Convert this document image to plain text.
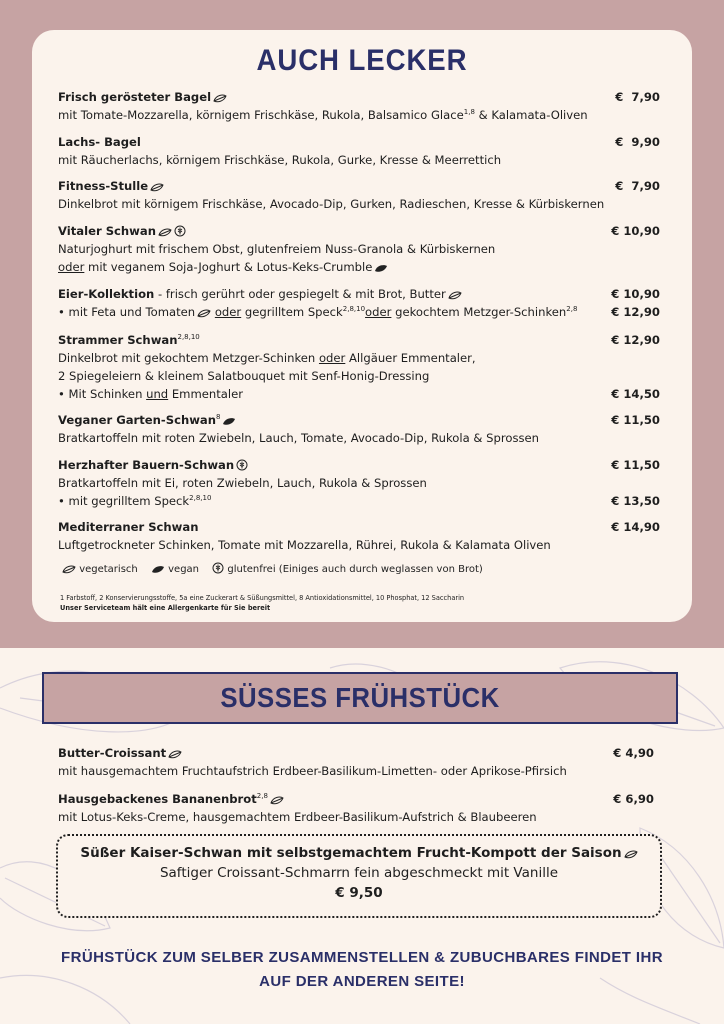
AUCH LECKER
Frisch gerösteter Bagel	€  7,90
mit Tomate-Mozzarella, körnigem Frischkäse, Rukola, Balsamico Glace$^{1,8}$ & Kalamata-Oliven
Lachs- Bagel	€  9,90
mit Räucherlachs, körnigem Frischkäse, Rukola, Gurke, Kresse & Meerrettich
Fitness-Stulle	€  7,90
Dinkelbrot mit körnigem Frischkäse, Avocado-Dip, Gurken, Radieschen, Kresse & Kürbiskernen
Vitaler Schwan	€ 10,90
Naturjoghurt mit frischem Obst, glutenfreiem Nuss-Granola & Kürbiskernen
oder mit veganem Soja-Joghurt & Lotus-Keks-Crumble
Eier-Kollektion - frisch gerührt oder gespiegelt & mit Brot, Butter	€ 10,90
• mit Feta und Tomaten oder gegrilltem Speck$^{2,8,10}$oder gekochtem Metzger-Schinken$^{2,8}$	€ 12,90
Strammer Schwan$^{2,8,10}$	€ 12,90
Dinkelbrot mit gekochtem Metzger-Schinken oder Allgäuer Emmentaler,
2 Spiegeleiern & kleinem Salatbouquet mit Senf-Honig-Dressing
• Mit Schinken und Emmentaler	€ 14,50
Veganer Garten-Schwan$^8$	€ 11,50
Bratkartoffeln mit roten Zwiebeln, Lauch, Tomate, Avocado-Dip, Rukola & Sprossen
Herzhafter Bauern-Schwan	€ 11,50
Bratkartoffeln mit Ei, roten Zwiebeln, Lauch, Rukola & Sprossen
• mit gegrilltem Speck$^{2,8,10}$	€ 13,50
Mediterraner Schwan	€ 14,90
Luftgetrockneter Schinken, Tomate mit Mozzarella, Rührei, Rukola & Kalamata Oliven
vegetarisch	vegan	glutenfrei (Einiges auch durch weglassen von Brot)
1 Farbstoff, 2 Konservierungsstoffe, 5a eine Zuckerart & Süßungsmittel, 8 Antioxidationsmittel, 10 Phosphat, 12 Saccharin
Unser Serviceteam hält eine Allergenkarte für Sie bereit
SÜSSES FRÜHSTÜCK
Butter-Croissant	€ 4,90
mit hausgemachtem Fruchtaufstrich Erdbeer-Basilikum-Limetten- oder Aprikose-Pfirsich
Hausgebackenes Bananenbrot$^{2,8}$	€ 6,90
mit Lotus-Keks-Creme, hausgemachtem Erdbeer-Basilikum-Aufstrich & Blaubeeren
Süßer Kaiser-Schwan mit selbstgemachtem Frucht-Kompott der Saison
Saftiger Croissant-Schmarrn fein abgeschmeckt mit Vanille
€ 9,50
FRÜHSTÜCK ZUM SELBER ZUSAMMENSTELLEN & ZUBUCHBARES FINDET IHR
AUF DER ANDEREN SEITE!
